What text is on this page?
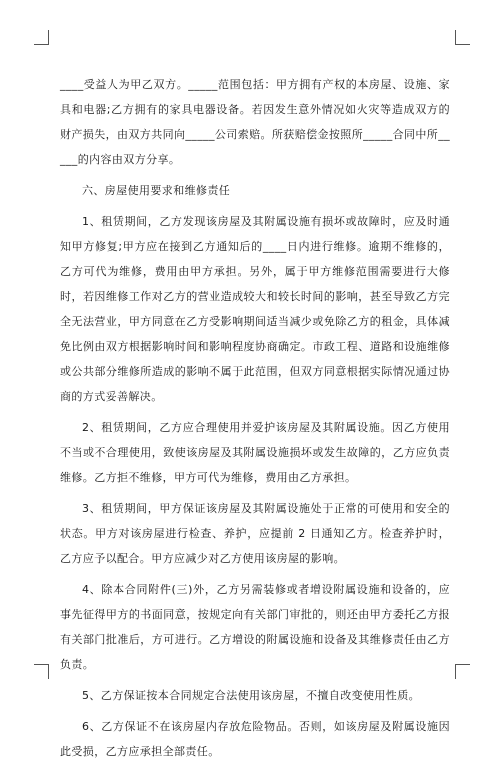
____受益人为甲乙双方。_____范围包括：甲方拥有产权的本房屋、设施、家具和电器;乙方拥有的家具电器设备。若因发生意外情况如火灾等造成双方的财产损失，由双方共同向_____公司索赔。所获赔偿金按照所_____合同中所_____的内容由双方分享。

六、房屋使用要求和维修责任

1、租赁期间，乙方发现该房屋及其附属设施有损坏或故障时，应及时通知甲方修复;甲方应在接到乙方通知后的____日内进行维修。逾期不维修的，乙方可代为维修，费用由甲方承担。另外，属于甲方维修范围需要进行大修时，若因维修工作对乙方的营业造成较大和较长时间的影响，甚至导致乙方完全无法营业，甲方同意在乙方受影响期间适当减少或免除乙方的租金，具体减免比例由双方根据影响时间和影响程度协商确定。市政工程、道路和设施维修或公共部分维修所造成的影响不属于此范围，但双方同意根据实际情况通过协商的方式妥善解决。

2、租赁期间，乙方应合理使用并爱护该房屋及其附属设施。因乙方使用不当或不合理使用，致使该房屋及其附属设施损坏或发生故障的，乙方应负责维修。乙方拒不维修，甲方可代为维修，费用由乙方承担。

3、租赁期间，甲方保证该房屋及其附属设施处于正常的可使用和安全的状态。甲方对该房屋进行检查、养护，应提前 2 日通知乙方。检查养护时，乙方应予以配合。甲方应减少对乙方使用该房屋的影响。

4、除本合同附件(三)外，乙方另需装修或者增设附属设施和设备的，应事先征得甲方的书面同意，按规定向有关部门审批的，则还由甲方委托乙方报有关部门批准后，方可进行。乙方增设的附属设施和设备及其维修责任由乙方负责。

5、乙方保证按本合同规定合法使用该房屋，不擅自改变使用性质。

6、乙方保证不在该房屋内存放危险物品。否则，如该房屋及附属设施因此受损，乙方应承担全部责任。
